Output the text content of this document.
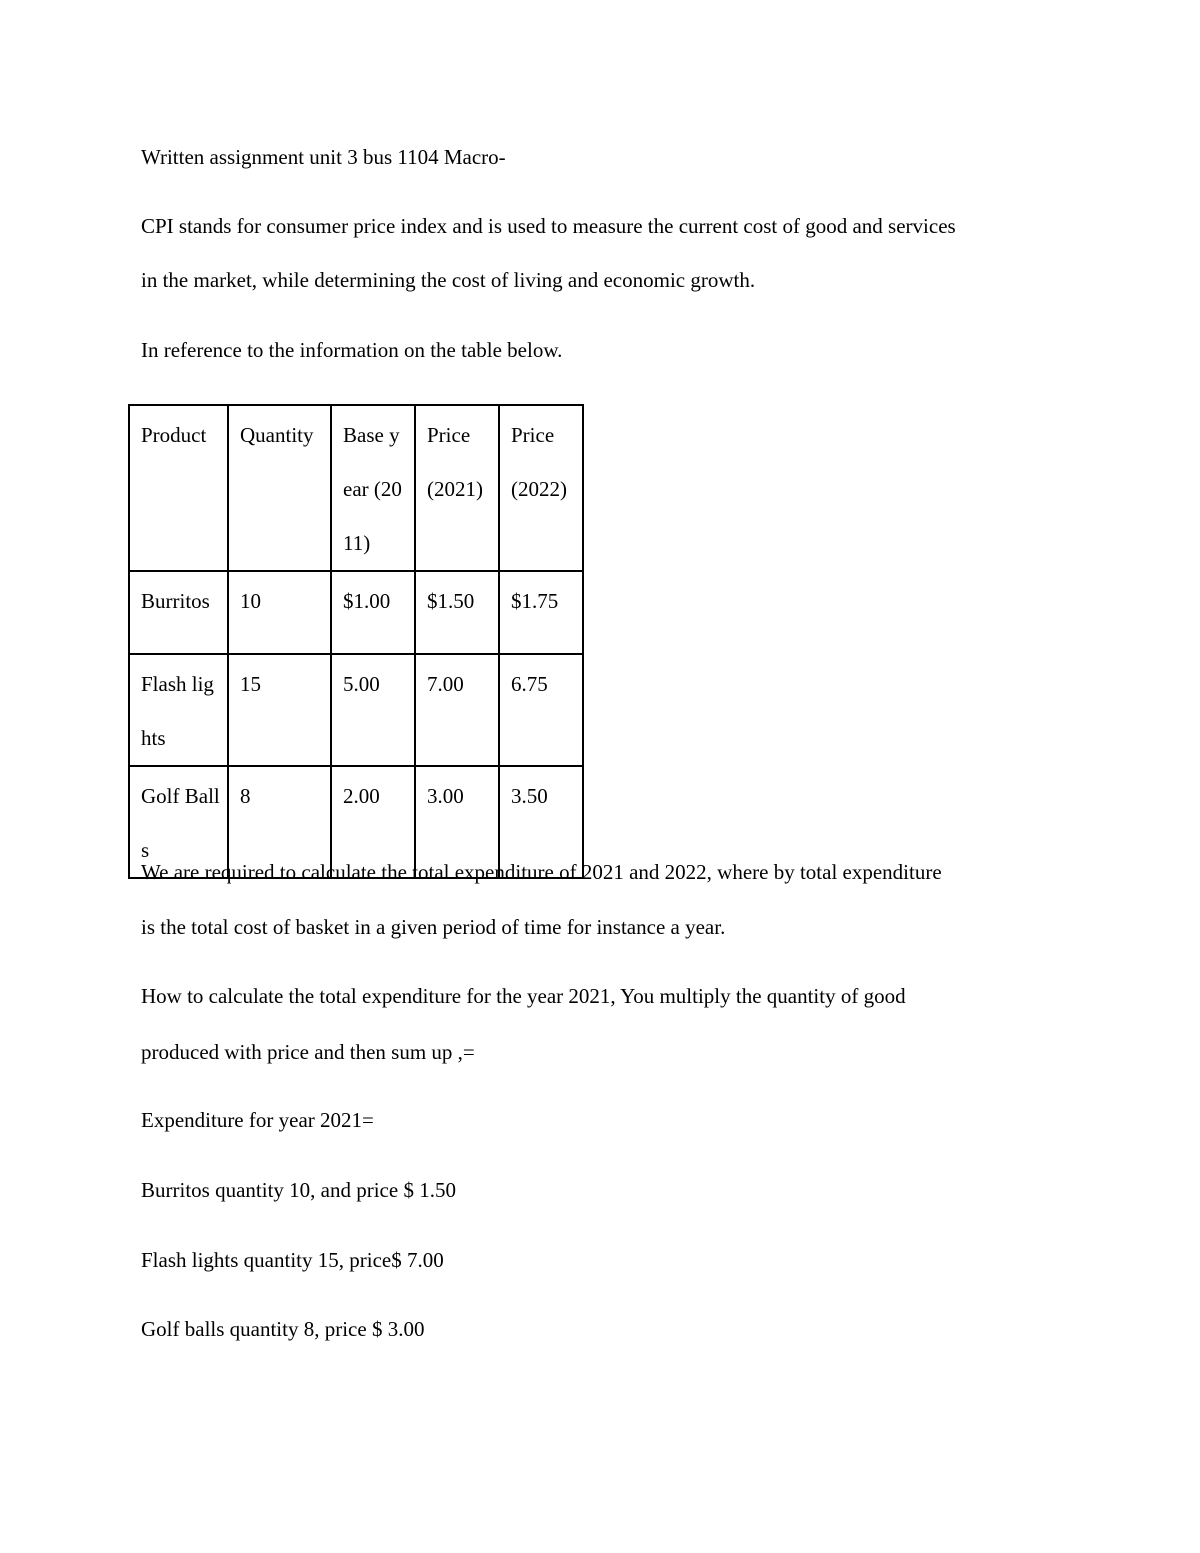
Written assignment unit 3 bus 1104 Macro-

CPI stands for consumer price index and is used to measure the current cost of good and services

in the market, while determining the cost of living and economic growth.

In reference to the information on the table below.

Product	Quantity	Base year (2011)	Price (2021)	Price (2022)
Burritos	10	$1.00	$1.50	$1.75
Flash lights	15	5.00	7.00	6.75
Golf Balls	8	2.00	3.00	3.50

We are required to calculate the total expenditure of 2021 and 2022, where by total expenditure

is the total cost of basket in a given period of time for instance a year.

How to calculate the total expenditure for the year 2021, You multiply the quantity of good

produced with price and then sum up ,=

Expenditure for year 2021=

Burritos quantity 10, and price $ 1.50

Flash lights quantity 15, price$ 7.00

Golf balls quantity 8, price $ 3.00
